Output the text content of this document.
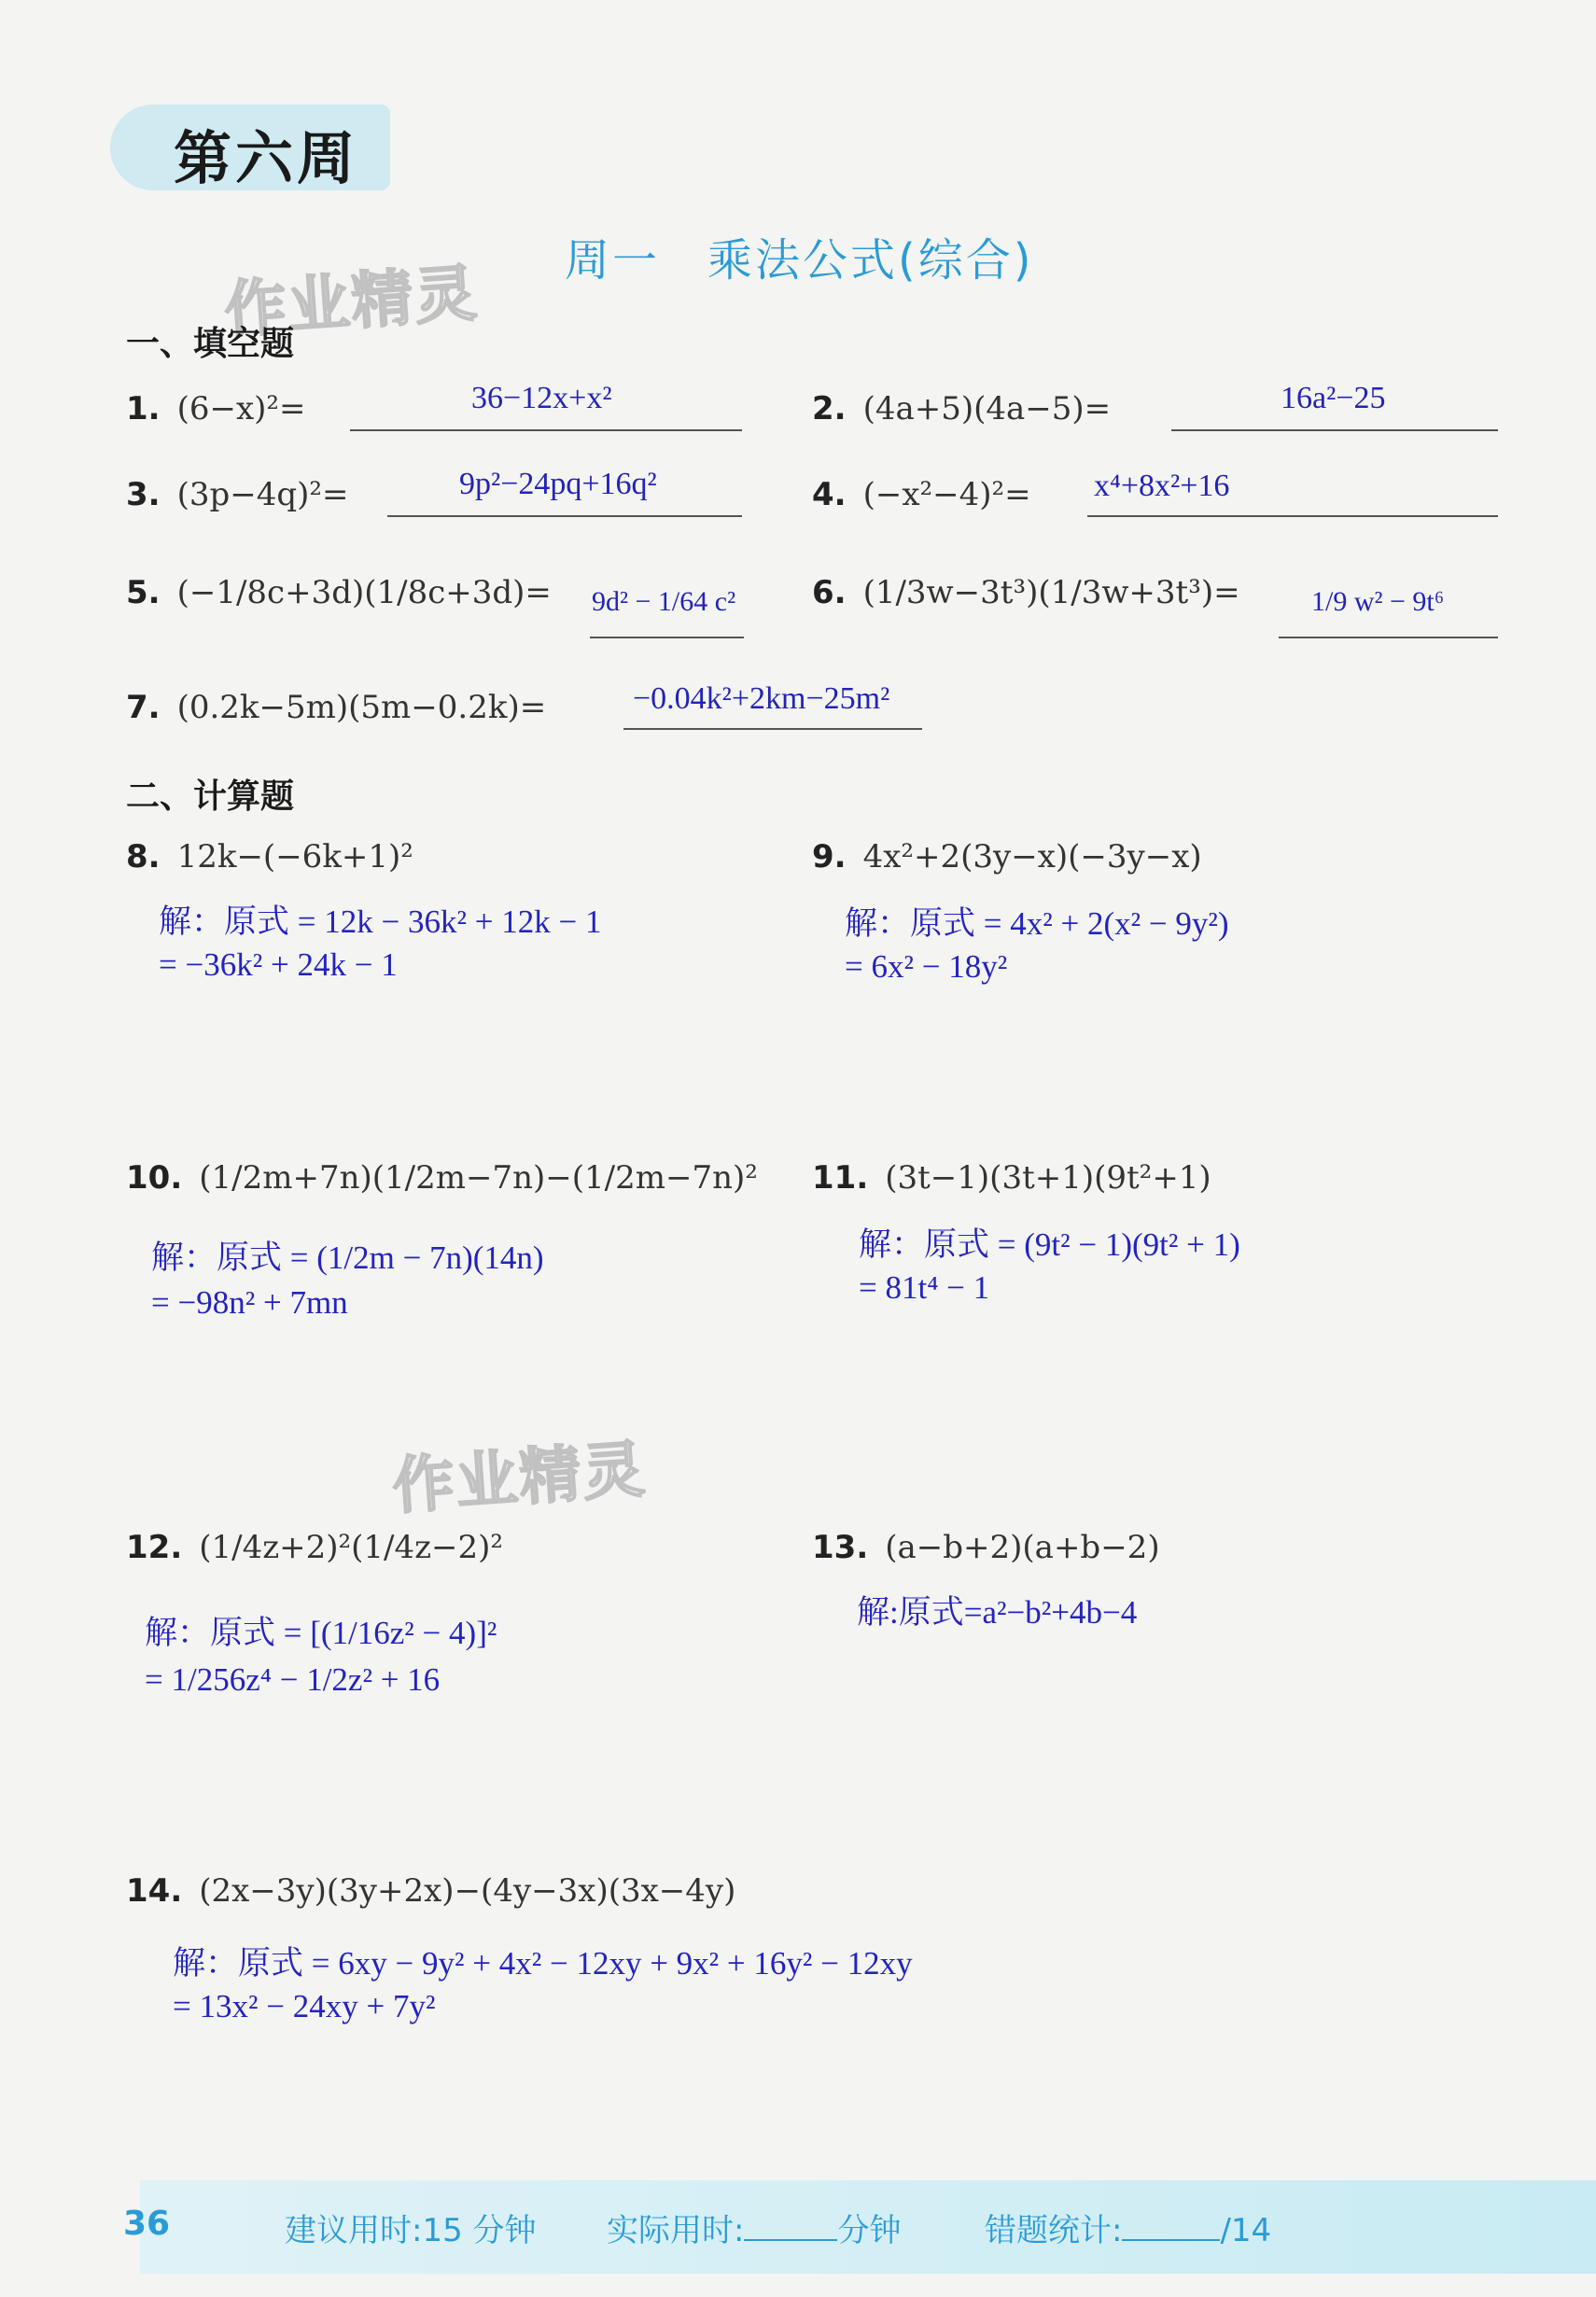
第六周
周一　乘法公式(综合)
作业精灵
作业精灵
一、填空题
1. (6−x)²=	36−12x+x²	2. (4a+5)(4a−5)=	16a²−25
3. (3p−4q)²=	9p²−24pq+16q²	4. (−x²−4)²= x⁴+8x²+16
5. (−1/8c+3d)(1/8c+3d)= 9d² − 1/64 c² 6. (1/3w−3t³)(1/3w+3t³)=	1/9 w² − 9t⁶
7. (0.2k−5m)(5m−0.2k)=	−0.04k²+2km−25m²
二、计算题
8. 12k−(−6k+1)²
解：原式 = 12k − 36k² + 12k − 1
= −36k² + 24k − 1
9. 4x²+2(3y−x)(−3y−x)
解：原式 = 4x² + 2(x² − 9y²)
= 6x² − 18y²
10. (1/2m+7n)(1/2m−7n)−(1/2m−7n)²
解：原式 = (1/2m − 7n)(14n)
= −98n² + 7mn
11. (3t−1)(3t+1)(9t²+1)
解：原式 = (9t² − 1)(9t² + 1)
= 81t⁴ − 1
12. (1/4z+2)²(1/4z−2)²
解：原式 = [(1/16z² − 4)]²
= 1/256z⁴ − 1/2z² + 16
13. (a−b+2)(a+b−2)
解:原式=a²−b²+4b−4
14. (2x−3y)(3y+2x)−(4y−3x)(3x−4y)
解：原式 = 6xy − 9y² + 4x² − 12xy + 9x² + 16y² − 12xy
= 13x² − 24xy + 7y²
36	建议用时:15 分钟 实际用时:	分钟	错题统计:	/14
